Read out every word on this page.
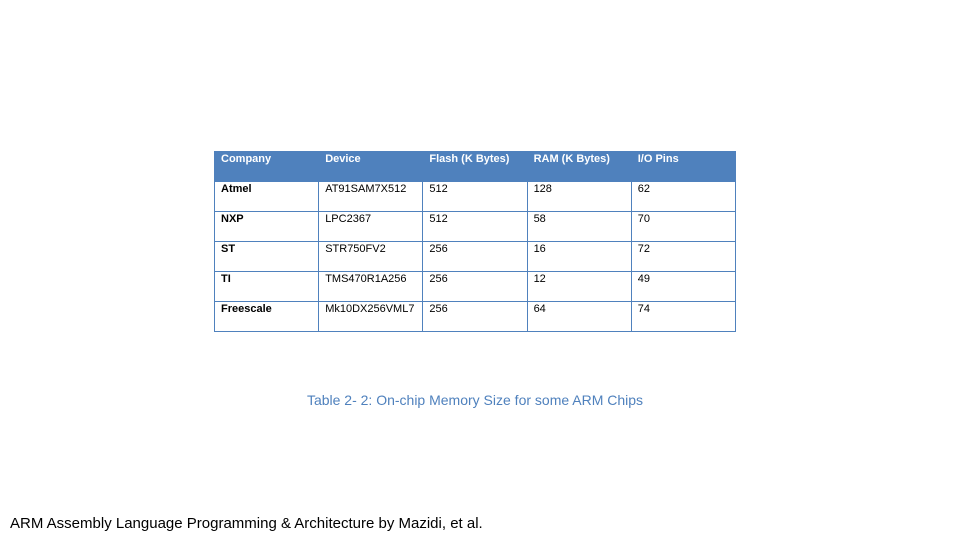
Company	Device	Flash (K Bytes)	RAM (K Bytes)	I/O Pins
Atmel	AT91SAM7X512	512	128	62
NXP	LPC2367	512	58	70
ST	STR750FV2	256	16	72
TI	TMS470R1A256	256	12	49
Freescale	Mk10DX256VML7	256	64	74
Table 2- 2: On-chip Memory Size for some ARM Chips
ARM Assembly Language Programming & Architecture by Mazidi, et al.
